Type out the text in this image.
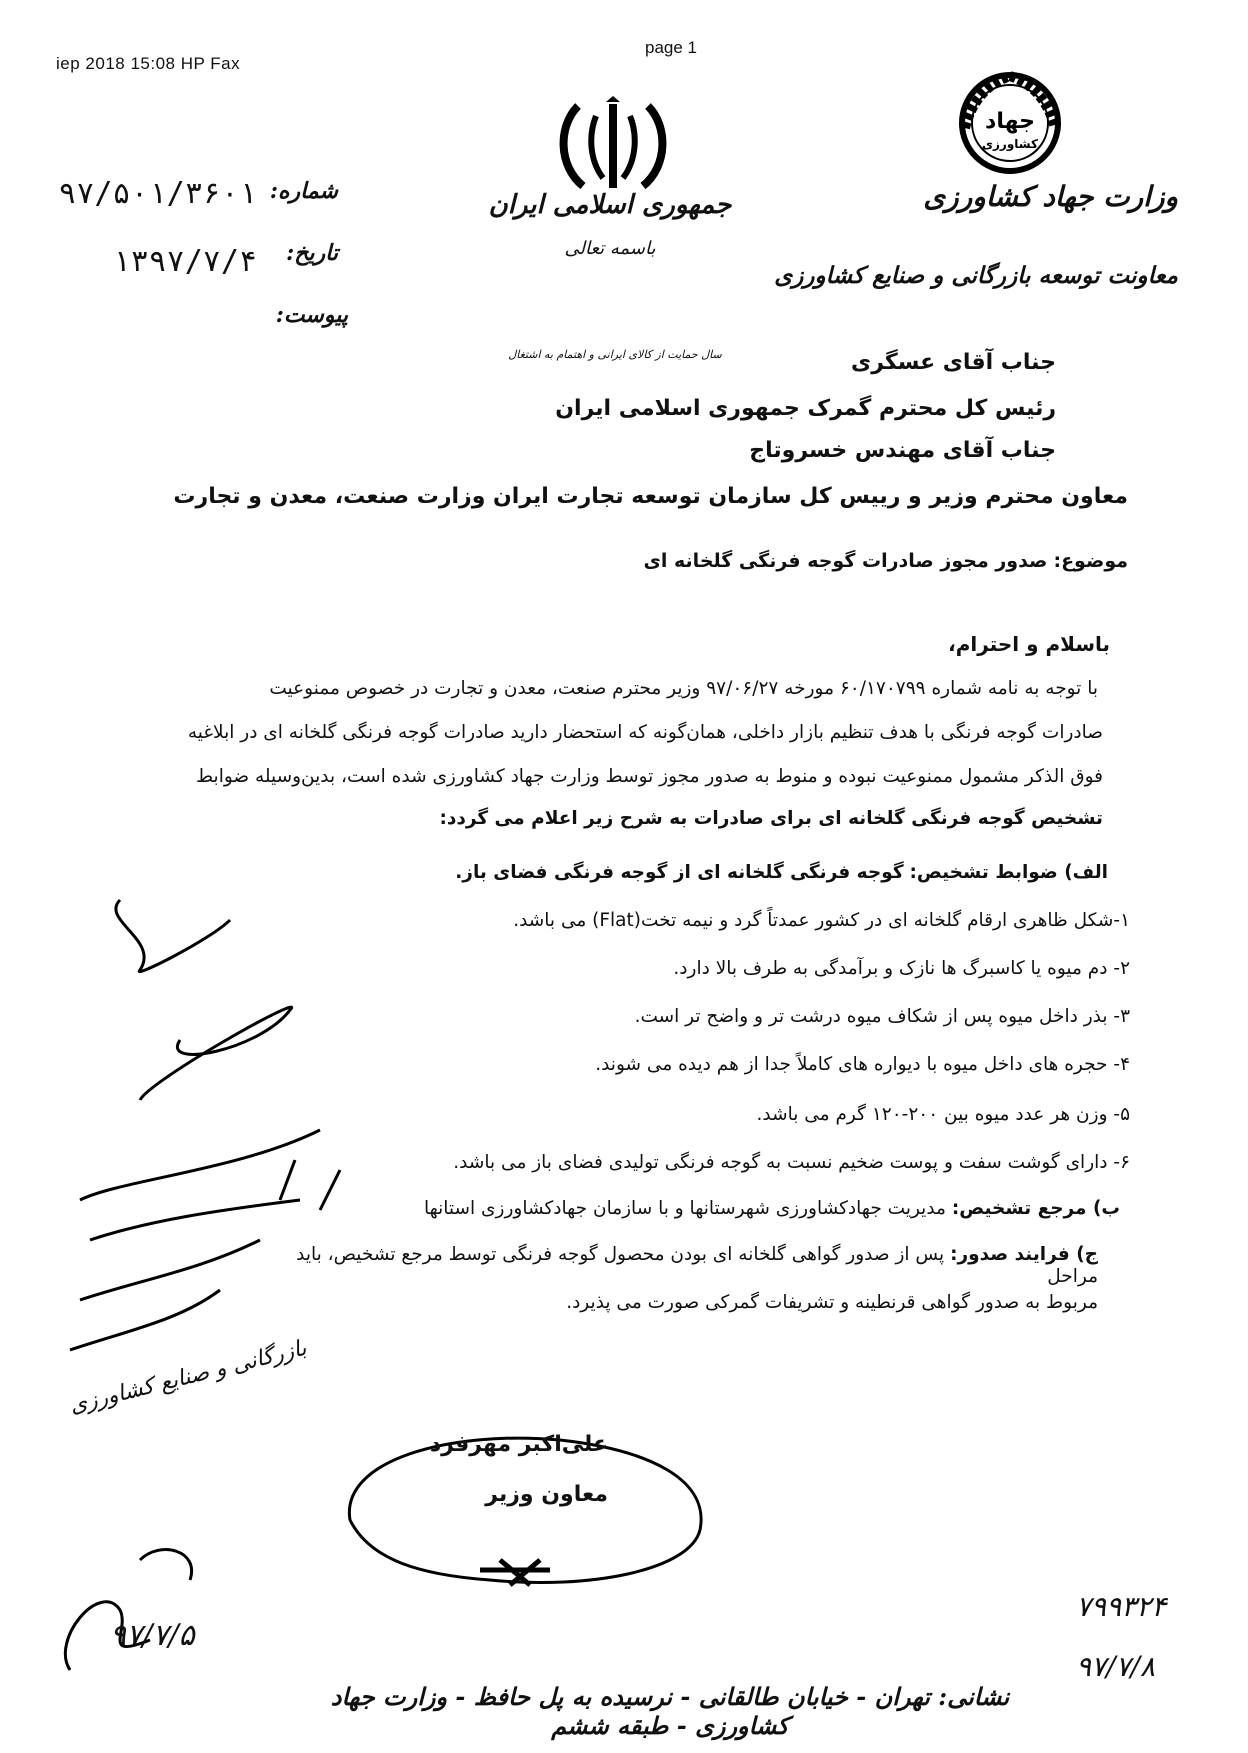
iep 2018 15:08 HP Fax
page 1
جمهوری اسلامی ایران
باسمه تعالی
سال حمایت از کالای ایرانی و اهتمام به اشتغال
جهاد
کشاورزی
وزارت جهاد کشاورزی
معاونت توسعه بازرگانی و صنایع کشاورزی
شماره:
۹۷/۵۰۱/۳۶۰۱
تاریخ:
۱۳۹۷/۷/۴
پیوست:
جناب آقای عسگری
رئیس کل محترم گمرک جمهوری اسلامی ایران
جناب آقای مهندس خسروتاج
معاون محترم وزیر و رییس کل سازمان توسعه تجارت ایران وزارت صنعت، معدن و تجارت
موضوع: صدور مجوز صادرات گوجه فرنگی گلخانه ای
باسلام و احترام،
با توجه به نامه شماره ۶۰/۱۷۰۷۹۹ مورخه ۹۷/۰۶/۲۷ وزیر محترم صنعت، معدن و تجارت در خصوص ممنوعیت
صادرات گوجه فرنگی با هدف تنظیم بازار داخلی، همان‌گونه که استحضار دارید صادرات گوجه فرنگی گلخانه ای در ابلاغیه
فوق الذکر مشمول ممنوعیت نبوده و منوط به صدور مجوز توسط وزارت جهاد کشاورزی شده است، بدین‌وسیله ضوابط
تشخیص گوجه فرنگی گلخانه ای برای صادرات به شرح زیر اعلام می گردد:
الف) ضوابط تشخیص: گوجه فرنگی گلخانه ای از گوجه فرنگی فضای باز.
۱-شکل ظاهری ارقام گلخانه ای در کشور عمدتاً گرد و نیمه تخت(Flat) می باشد.
۲- دم میوه یا کاسبرگ ها نازک و برآمدگی به طرف بالا دارد.
۳- بذر داخل میوه پس از شکاف میوه درشت تر و واضح تر است.
۴- حجره های داخل میوه با دیواره های کاملاً جدا از هم دیده می شوند.
۵- وزن هر عدد میوه بین ۲۰۰-۱۲۰ گرم می باشد.
۶- دارای گوشت سفت و پوست ضخیم نسبت به گوجه فرنگی تولیدی فضای باز می باشد.
ب) مرجع تشخیص: مدیریت جهادکشاورزی شهرستانها و با سازمان جهادکشاورزی استانها
ج) فرایند صدور: پس از صدور گواهی گلخانه ای بودن محصول گوجه فرنگی توسط مرجع تشخیص، باید مراحل
مربوط به صدور گواهی قرنطینه و تشریفات گمرکی صورت می پذیرد.
علی‌اکبر مهرفرد
معاون وزیر
بازرگانی و صنایع کشاورزی
۹۷/۷/۵
۷۹۹۳۲۴
۹۷/۷/۸
نشانی: تهران - خیابان طالقانی - نرسیده به پل حافظ - وزارت جهاد کشاورزی - طبقه ششم
